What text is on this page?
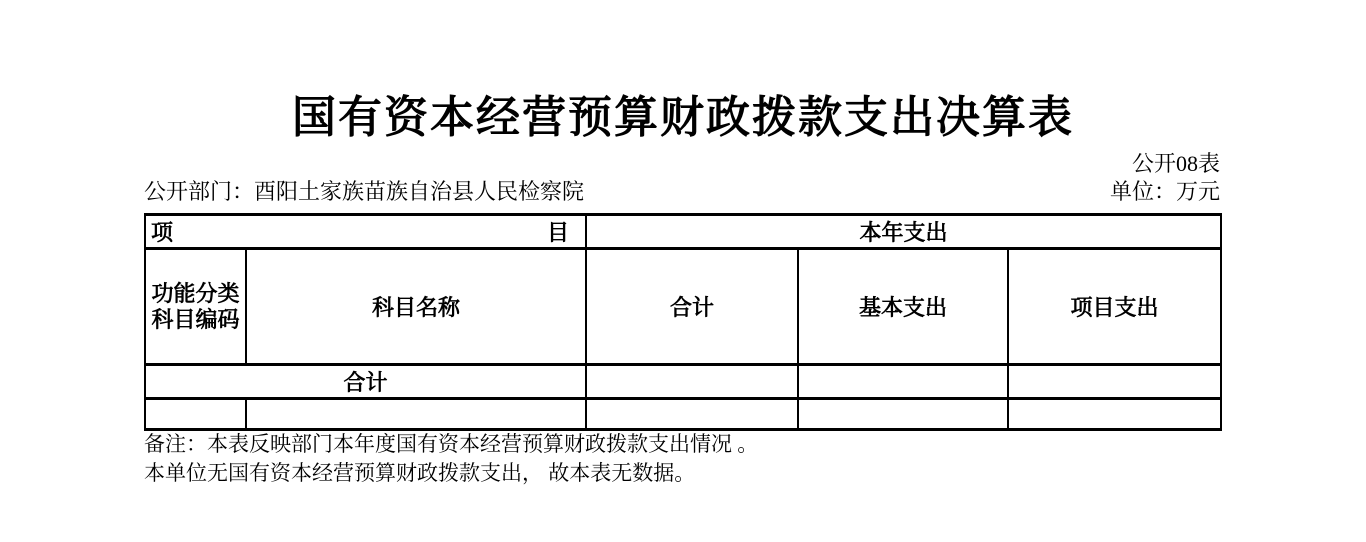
国有资本经营预算财政拨款支出决算表
公开08表
公开部门： 酉阳土家族苗族自治县人民检察院	单位：万元
项 目		本年支出		

功能分类
科目编码	科目名称	合计	基本支出	项目支出
合计				

备注：本表反映部门本年度国有资本经营预算财政拨款支出情况 。
本单位无国有资本经营预算财政拨款支出， 故本表无数据。
